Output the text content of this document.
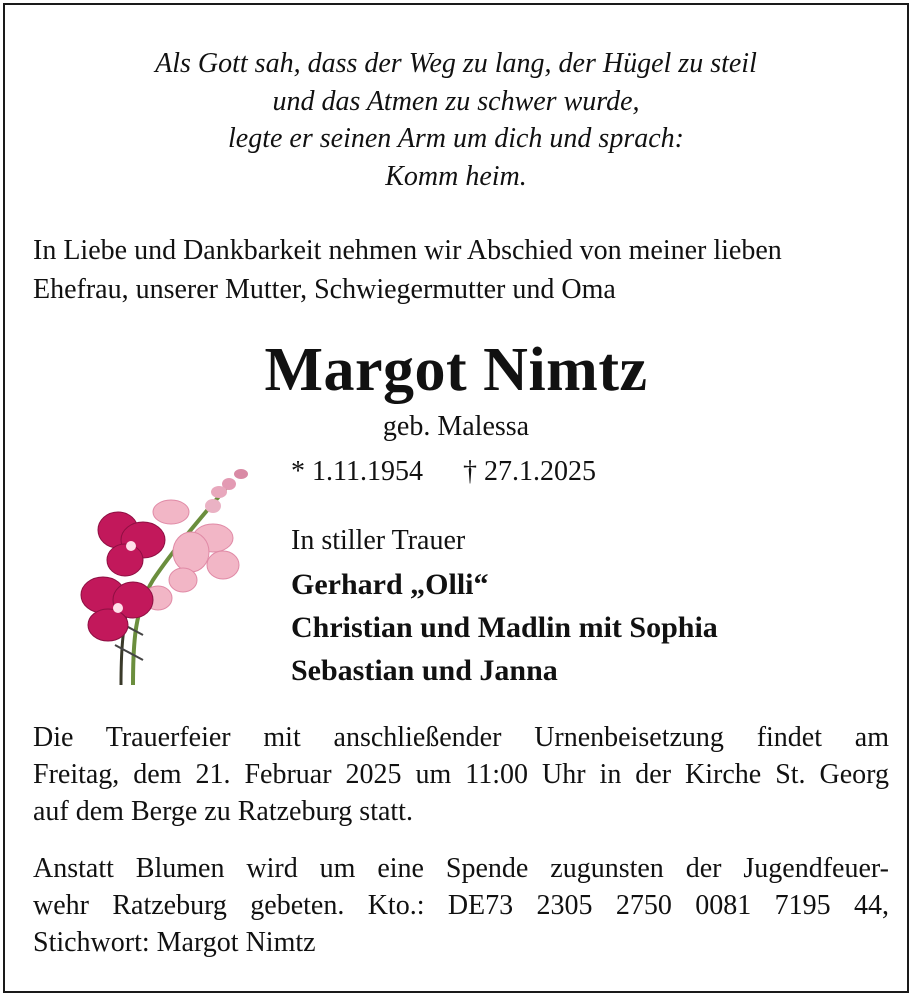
Als Gott sah, dass der Weg zu lang, der Hügel zu steil
und das Atmen zu schwer wurde,
legte er seinen Arm um dich und sprach:
Komm heim.
In Liebe und Dankbarkeit nehmen wir Abschied von meiner lieben
Ehefrau, unserer Mutter, Schwiegermutter und Oma
Margot Nimtz
geb. Malessa
* 1.11.1954 † 27.1.2025
In stiller Trauer
Gerhard „Olli“
Christian und Madlin mit Sophia
Sebastian und Janna
Die Trauerfeier mit anschließender Urnenbeisetzung findet am
Freitag, dem 21. Februar 2025 um 11:00 Uhr in der Kirche St. Georg
auf dem Berge zu Ratzeburg statt.
Anstatt Blumen wird um eine Spende zugunsten der Jugendfeuer-
wehr Ratzeburg gebeten. Kto.: DE73 2305 2750 0081 7195 44,
Stichwort: Margot Nimtz
